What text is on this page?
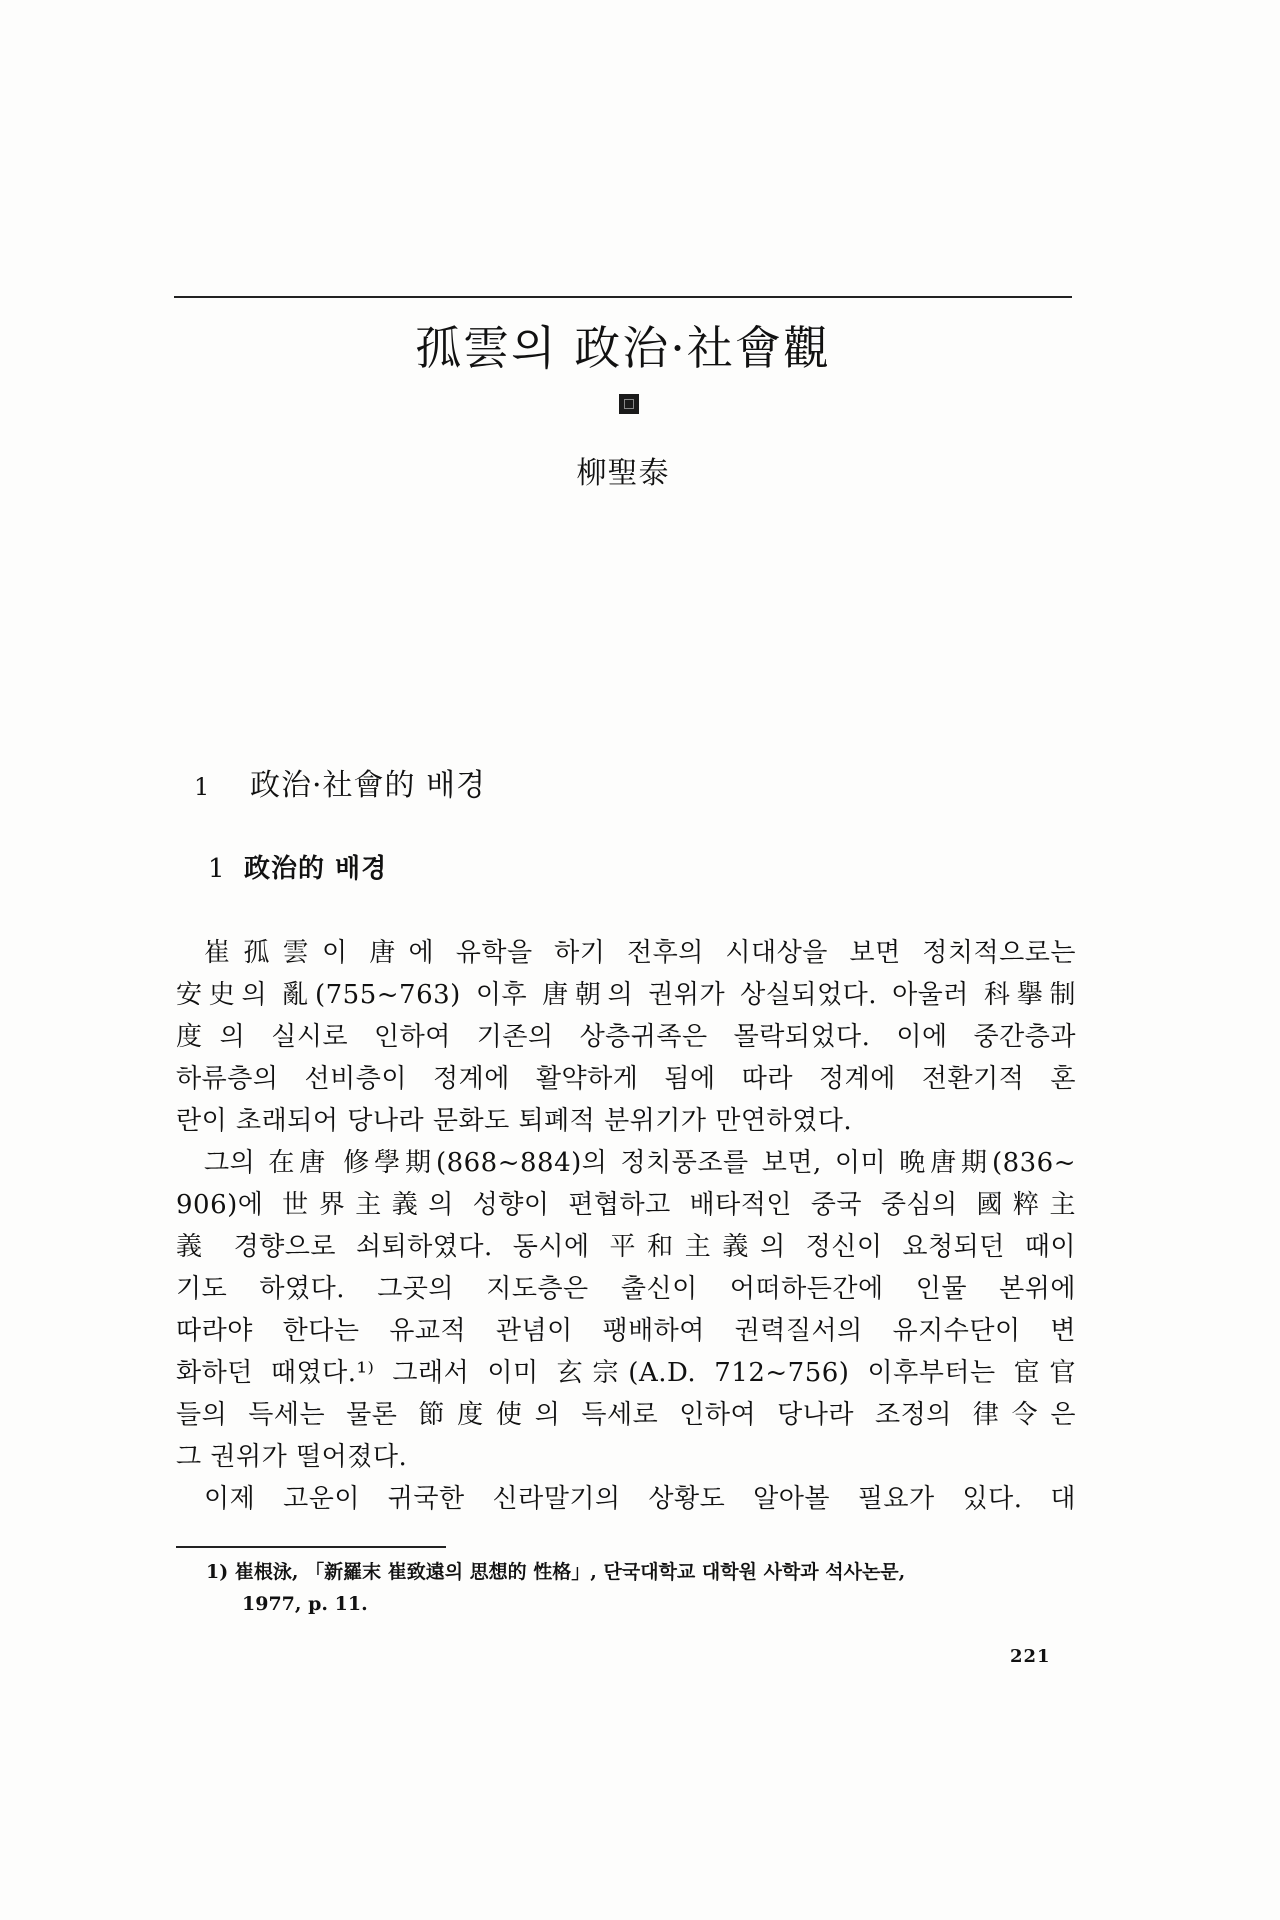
孤雲의 政治·社會觀
柳聖泰
1 政治·社會的 배경
1 政治的 배경
崔孤雲이 唐에 유학을 하기 전후의 시대상을 보면 정치적으로는
安史의 亂(755~763) 이후 唐朝의 권위가 상실되었다. 아울러 科擧制
度의 실시로 인하여 기존의 상층귀족은 몰락되었다. 이에 중간층과
하류층의 선비층이 정계에 활약하게 됨에 따라 정계에 전환기적 혼
란이 초래되어 당나라 문화도 퇴폐적 분위기가 만연하였다.
그의 在唐 修學期(868~884)의 정치풍조를 보면, 이미 晩唐期(836~
906)에 世界主義의 성향이 편협하고 배타적인 중국 중심의 國粹主
義 경향으로 쇠퇴하였다. 동시에 平和主義의 정신이 요청되던 때이
기도 하였다. 그곳의 지도층은 출신이 어떠하든간에 인물 본위에
따라야 한다는 유교적 관념이 팽배하여 권력질서의 유지수단이 변
화하던 때였다.¹⁾ 그래서 이미 玄宗(A.D. 712~756) 이후부터는 宦官
들의 득세는 물론 節度使의 득세로 인하여 당나라 조정의 律令은
그 권위가 떨어졌다.
이제 고운이 귀국한 신라말기의 상황도 알아볼 필요가 있다. 대
1) 崔根泳, 「新羅末 崔致遠의 思想的 性格」, 단국대학교 대학원 사학과 석사논문,
1977, p. 11.
221
